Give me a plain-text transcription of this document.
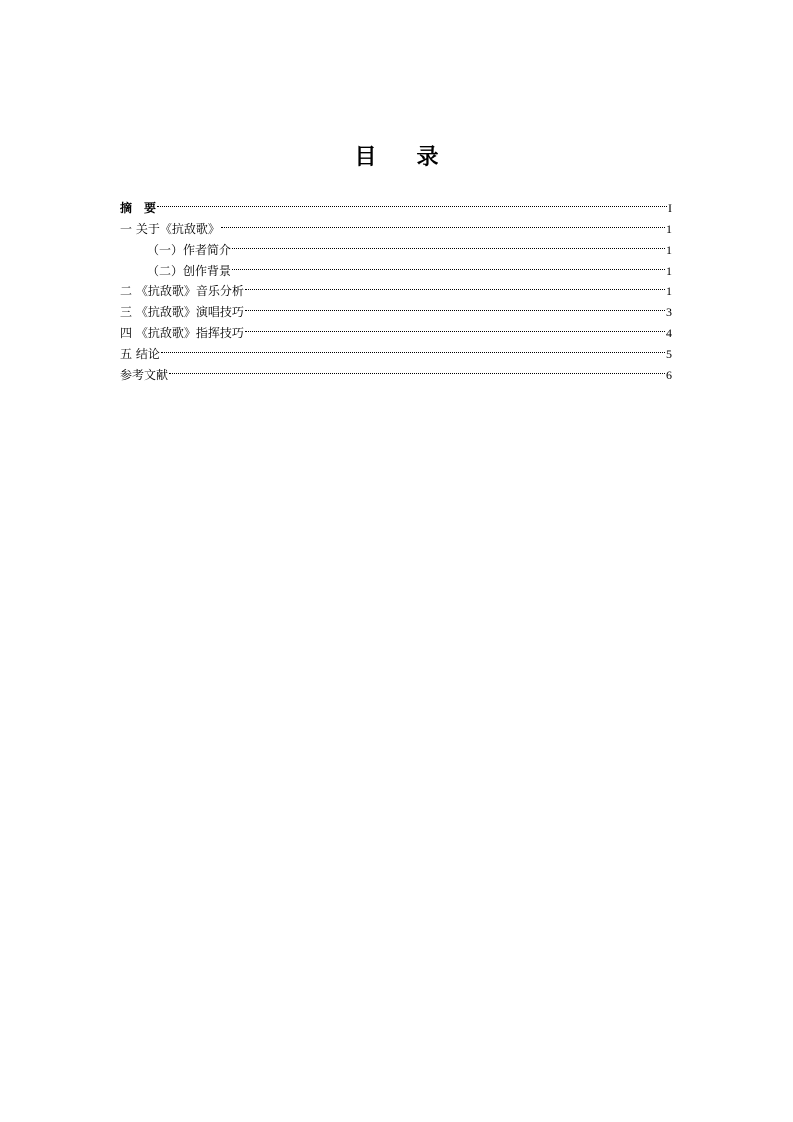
目 录
摘　要	I
一 关于《抗敌歌》	1
（一）作者简介	1
（二）创作背景	1
二 《抗敌歌》音乐分析	1
三 《抗敌歌》演唱技巧	3
四 《抗敌歌》指挥技巧	4
五 结论	5
参考文献	6
